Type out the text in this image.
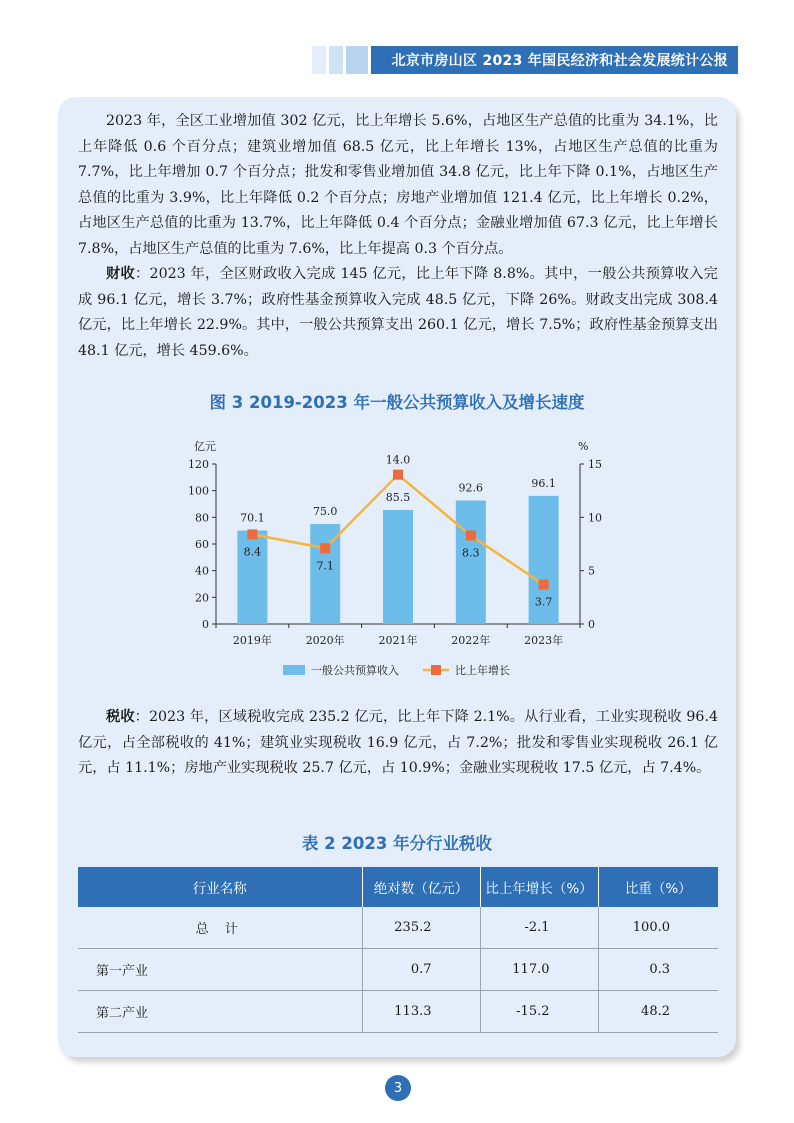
北京市房山区 2023 年国民经济和社会发展统计公报

2023 年，全区工业增加值 302 亿元，比上年增长 5.6%，占地区生产总值的比重为 34.1%，比上年降低 0.6 个百分点；建筑业增加值 68.5 亿元，比上年增长 13%，占地区生产总值的比重为 7.7%，比上年增加 0.7 个百分点；批发和零售业增加值 34.8 亿元，比上年下降 0.1%，占地区生产总值的比重为 3.9%，比上年降低 0.2 个百分点；房地产业增加值 121.4 亿元，比上年增长 0.2%，占地区生产总值的比重为 13.7%，比上年降低 0.4 个百分点；金融业增加值 67.3 亿元，比上年增长 7.8%，占地区生产总值的比重为 7.6%，比上年提高 0.3 个百分点。

财收：2023 年，全区财政收入完成 145 亿元，比上年下降 8.8%。其中，一般公共预算收入完成 96.1 亿元，增长 3.7%；政府性基金预算收入完成 48.5 亿元，下降 26%。财政支出完成 308.4 亿元，比上年增长 22.9%。其中，一般公共预算支出 260.1 亿元，增长 7.5%；政府性基金预算支出 48.1 亿元，增长 459.6%。

图 3 2019-2023 年一般公共预算收入及增长速度
0
20
40
60
80
100
120
0
5
10
15
亿元	%
2019年	2020年	2021年	2022年	2023年
70.1
75.0
85.5
92.6	96.1
8.4
7.1
14.0
8.3
3.7
一般公共预算收入	比上年增长

税收：2023 年，区域税收完成 235.2 亿元，比上年下降 2.1%。从行业看，工业实现税收 96.4 亿元，占全部税收的 41%；建筑业实现税收 16.9 亿元，占 7.2%；批发和零售业实现税收 26.1 亿元，占 11.1%；房地产业实现税收 25.7 亿元，占 10.9%；金融业实现税收 17.5 亿元，占 7.4%。

表 2 2023 年分行业税收
行业名称	绝对数（亿元）	比上年增长（%）	比重（%）
总 计	235.2	-2.1	100.0
第一产业	0.7	117.0	0.3
第二产业	113.3	-15.2	48.2
3
